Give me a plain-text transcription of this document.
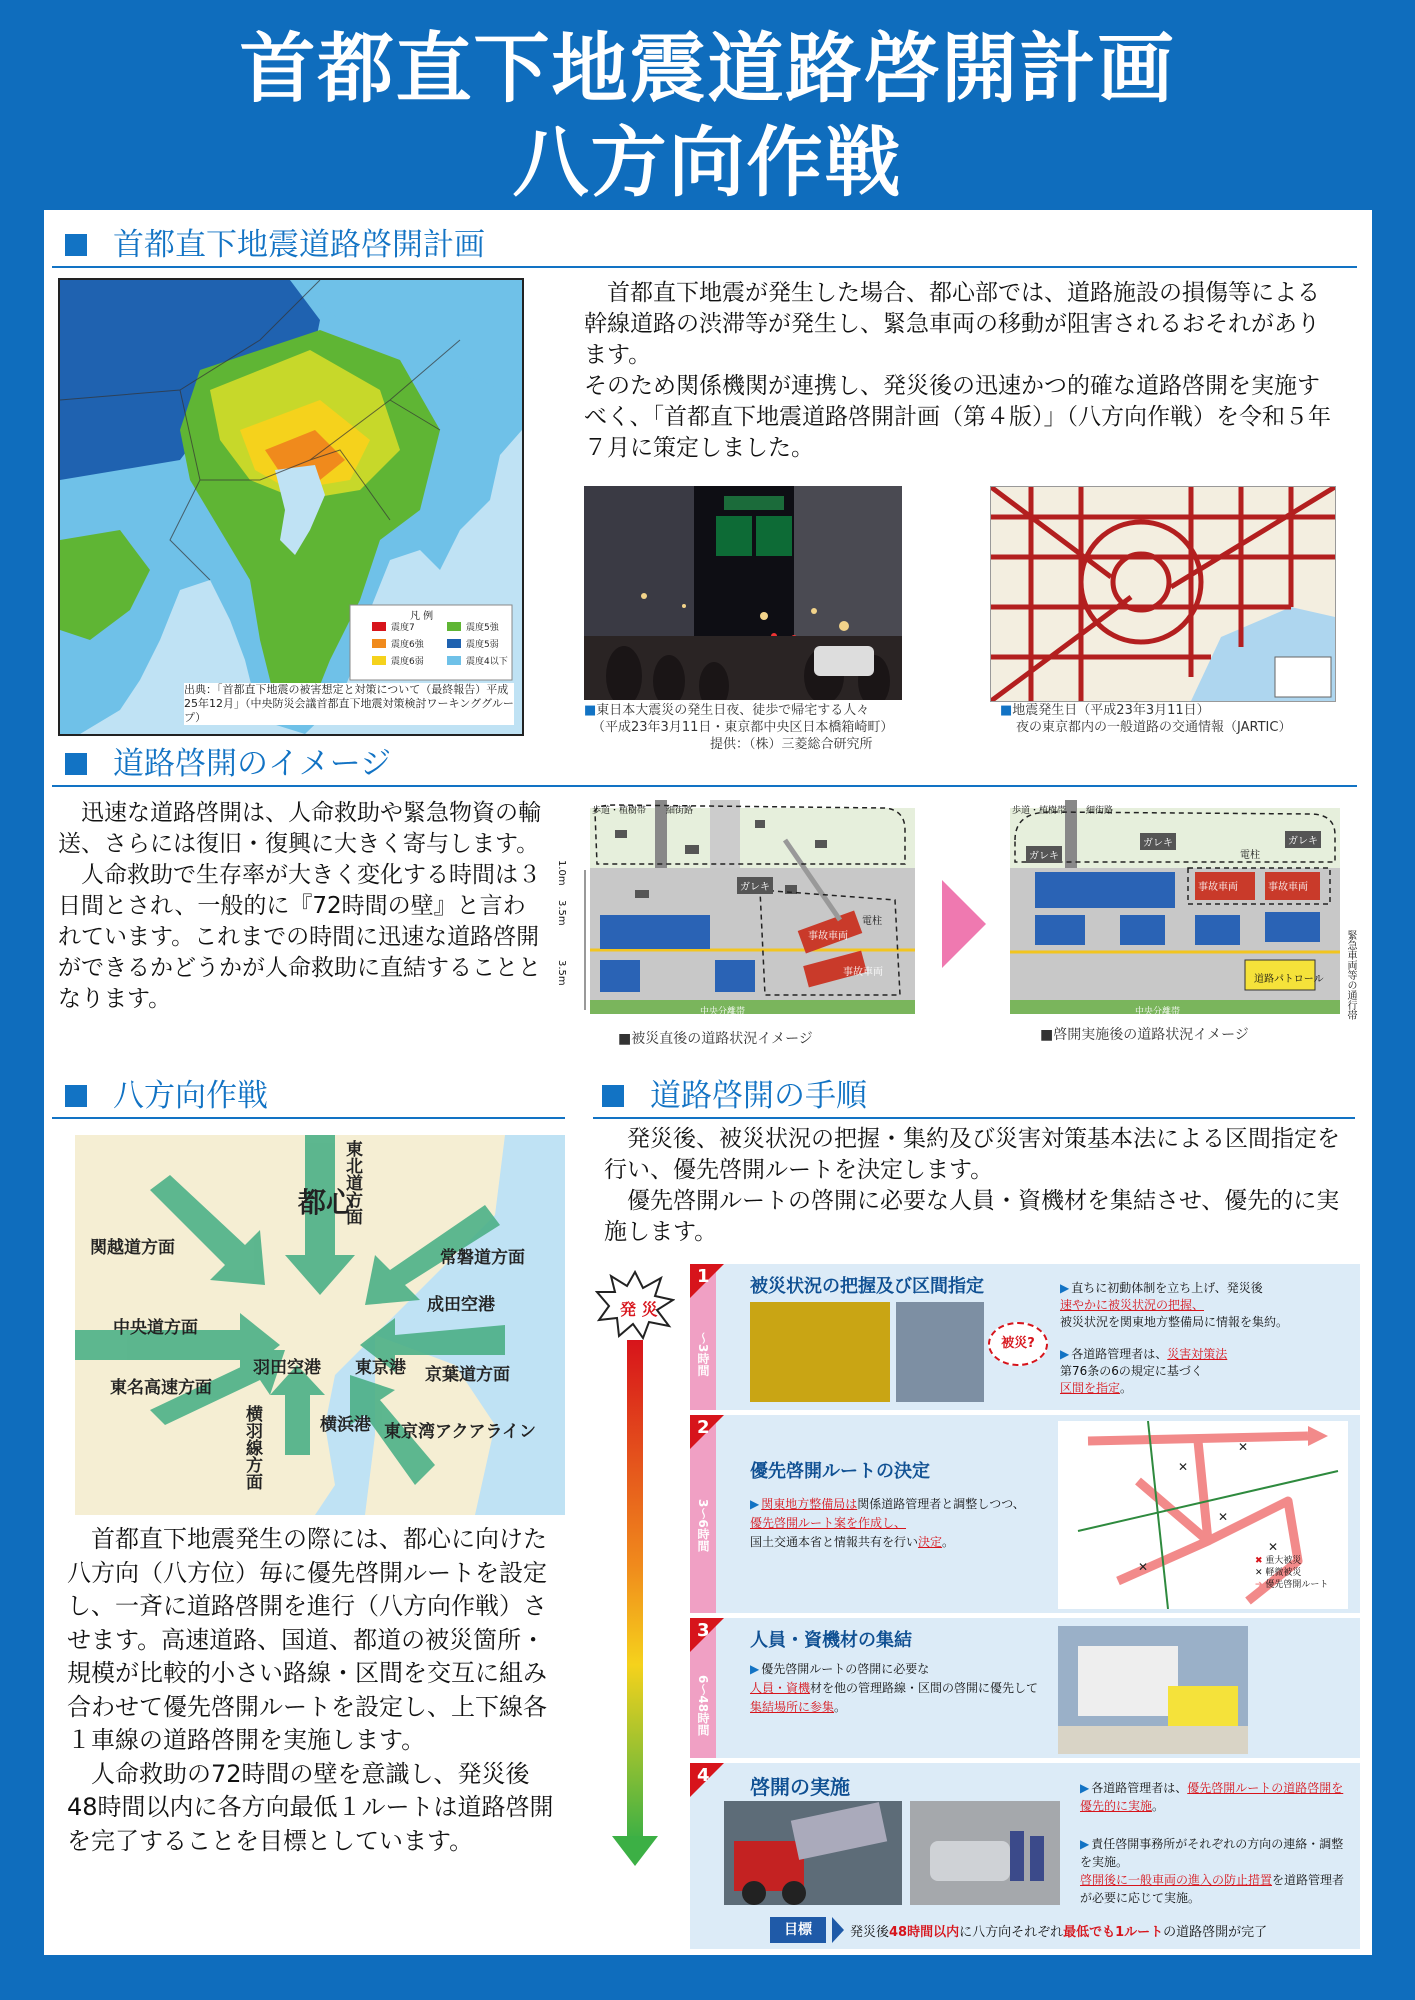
首都直下地震道路啓開計画
八方向作戦
首都直下地震道路啓開計画
凡 例
震度7	震度5強
震度6強	震度5弱
震度6弱	震度4以下
出典：「首都直下地震の被害想定と対策について（最終報告）平成25年12月」（中央防災会議首都直下地震対策検討ワーキンググループ）

首都直下地震が発生した場合、都心部では、道路施設の損傷等による幹線道路の渋滞等が発生し、緊急車両の移動が阻害されるおそれがあります。

そのため関係機関が連携し、発災後の迅速かつ的確な道路啓開を実施すべく、「首都直下地震道路啓開計画（第４版）」（八方向作戦）を令和５年７月に策定しました。

■東日本大震災の発生日夜、徒歩で帰宅する人々
（平成23年3月11日・東京都中央区日本橋箱崎町）
提供：（株）三菱総合研究所
■地震発生日（平成23年3月11日）
夜の東京都内の一般道路の交通情報（JARTIC）
道路啓開のイメージ

迅速な道路啓開は、人命救助や緊急物資の輸送、さらには復旧・復興に大きく寄与します。

人命救助で生存率が大きく変化する時間は３日間とされ、一般的に『72時間の壁』と言われています。これまでの時間に迅速な道路啓開ができるかどうかが人命救助に直結することとなります。

歩道・植樹帯 細街路
ガレキ
電柱
事故車両
事故車両
中央分離帯
1.0m
3.5m
3.5m
歩道・植樹帯 細街路
ガレキ
ガレキ	ガレキ
電柱
事故車両	事故車両
道路パトロール
中央分離帯	緊急車両等の通行帯
■被災直後の道路状況イメージ	■啓開実施後の道路状況イメージ
八方向作戦
都心
東北道方面
関越道方面	常磐道方面
成田空港
中央道方面
羽田空港 東京港 京葉道方面
東名高速方面
横羽線方面	横浜港 東京湾アクアライン

首都直下地震発生の際には、都心に向けた八方向（八方位）毎に優先啓開ルートを設定し、一斉に道路啓開を進行（八方向作戦）させます。高速道路、国道、都道の被災箇所・規模が比較的小さい路線・区間を交互に組み合わせて優先啓開ルートを設定し、上下線各１車線の道路啓開を実施します。

人命救助の72時間の壁を意識し、発災後48時間以内に各方向最低１ルートは道路啓開を完了することを目標としています。

道路啓開の手順

発災後、被災状況の把握・集約及び災害対策基本法による区間指定を行い、優先啓開ルートを決定します。

優先啓開ルートの啓開に必要な人員・資機材を集結させ、優先的に実施します。

発 災
1
〜3時間
被災状況の把握及び区間指定
被災?
▶ 直ちに初動体制を立ち上げ、発災後
速やかに被災状況の把握、
被災状況を関東地方整備局に情報を集約。
▶ 各道路管理者は、災害対策法
第76条の6の規定に基づく
区間を指定。
2
3〜6時間
優先啓開ルートの決定
▶ 関東地方整備局は関係道路管理者と調整しつつ、
優先啓開ルート案を作成し、
国土交通本省と情報共有を行い決定。
✕
✕
✕
✕
✕
✖ 重大被災
✕ 軽微被災
➔ 優先啓開ルート
3
6〜48時間
人員・資機材の集結
▶ 優先啓開ルートの啓開に必要な
人員・資機材を他の管理路線・区間の啓開に優先して集結場所に参集。
4 啓開の実施	▶ 各道路管理者は、優先啓開ルートの道路啓開を優先的に実施。
▶ 責任啓開事務所がそれぞれの方向の連絡・調整を実施。
啓開後に一般車両の進入の防止措置を道路管理者が必要に応じて実施。
目標	発災後48時間以内に八方向それぞれ最低でも1ルートの道路啓開が完了
